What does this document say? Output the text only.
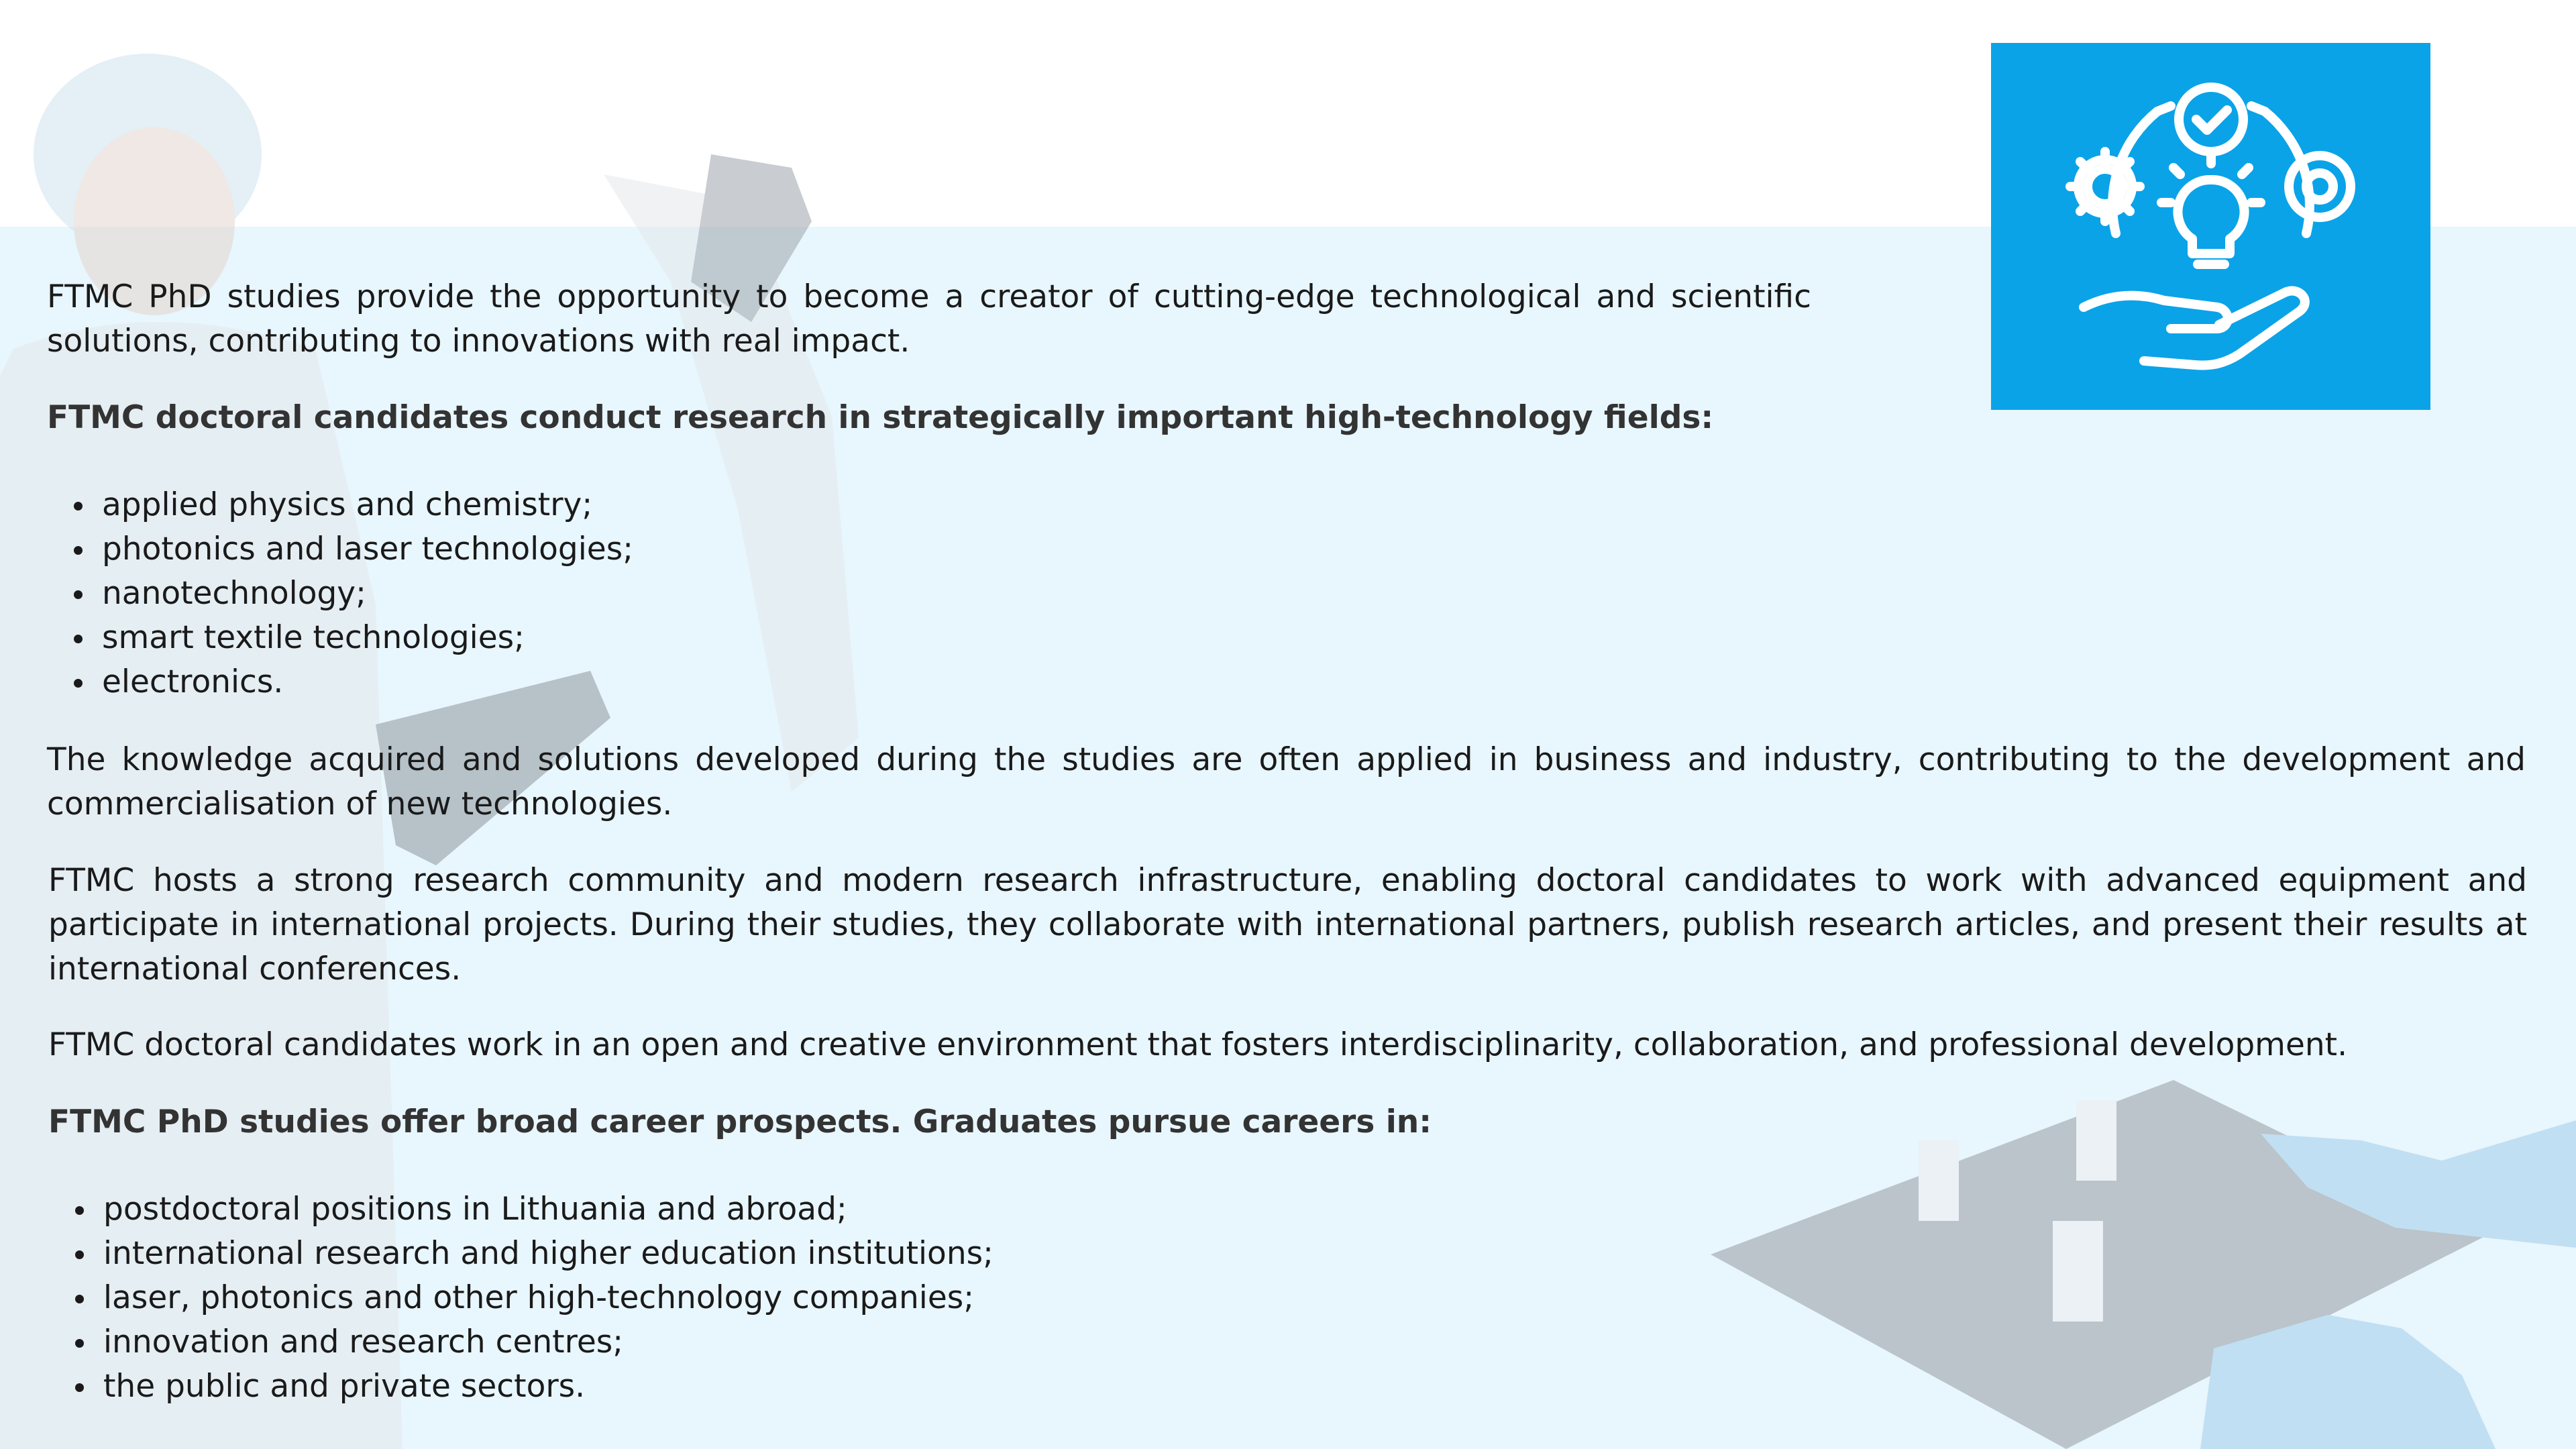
FTMC PhD studies provide the opportunity to become a creator of cutting-edge technological and scientific solutions, contributing to innovations with real impact.

FTMC doctoral candidates conduct research in strategically important high-technology fields:

applied physics and chemistry;
photonics and laser technologies;
nanotechnology;
smart textile technologies;
electronics.

The knowledge acquired and solutions developed during the studies are often applied in business and industry, contributing to the development and commercialisation of new technologies.

FTMC hosts a strong research community and modern research infrastructure, enabling doctoral candidates to work with advanced equipment and participate in international projects. During their studies, they collaborate with international partners, publish research articles, and present their results at international conferences.

FTMC doctoral candidates work in an open and creative environment that fosters interdisciplinarity, collaboration, and professional development.

FTMC PhD studies offer broad career prospects. Graduates pursue careers in:

postdoctoral positions in Lithuania and abroad;
international research and higher education institutions;
laser, photonics and other high-technology companies;
innovation and research centres;
the public and private sectors.
